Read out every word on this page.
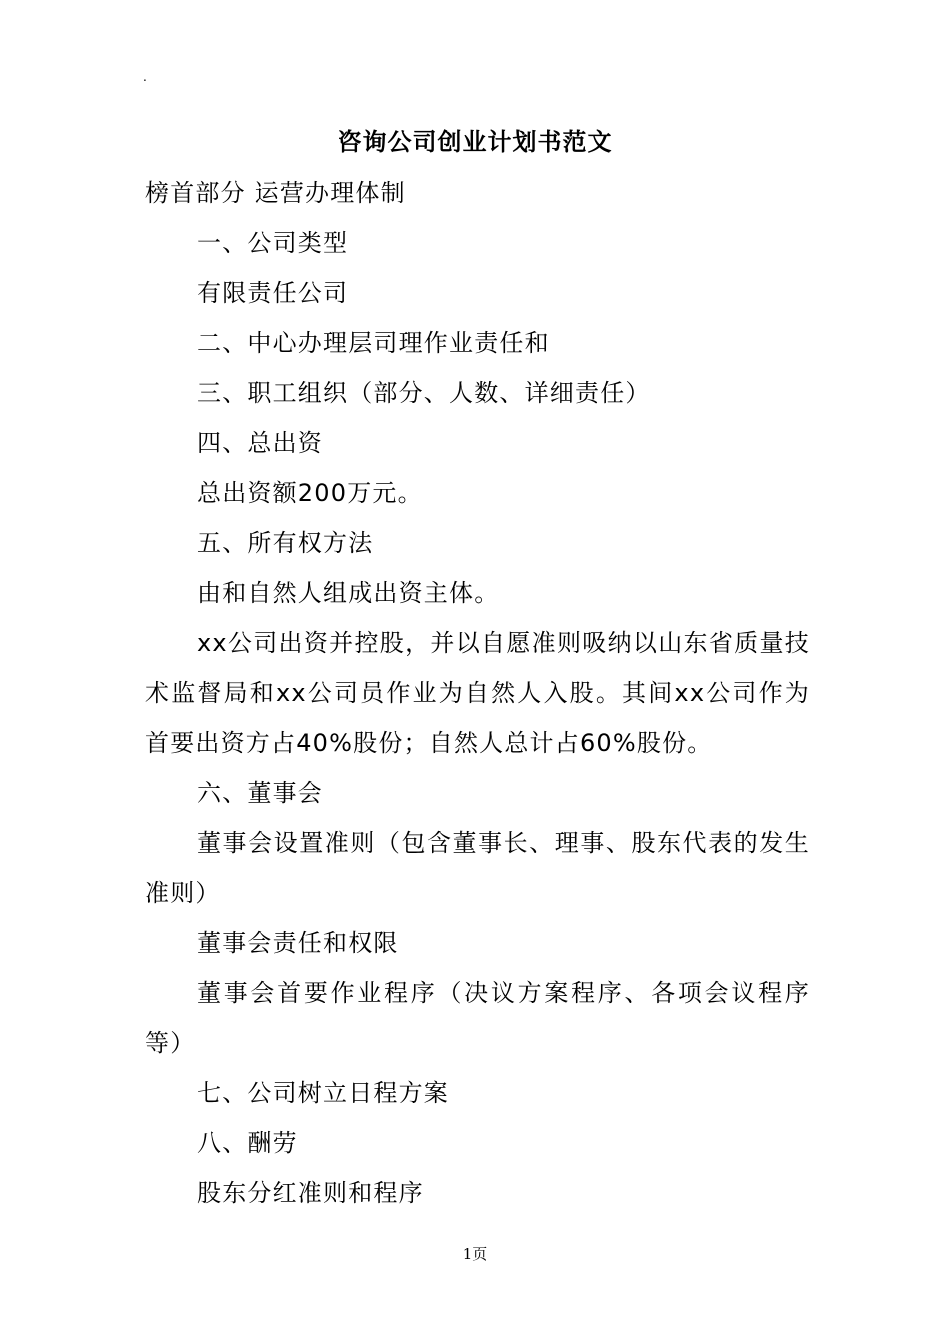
.
咨询公司创业计划书范文

榜首部分 运营办理体制

一、公司类型

有限责任公司

二、中心办理层司理作业责任和

三、职工组织（部分、人数、详细责任）

四、总出资

总出资额200万元。

五、所有权方法

由和自然人组成出资主体。

xx公司出资并控股，并以自愿准则吸纳以山东省质量技术监督局和xx公司员作业为自然人入股。其间xx公司作为首要出资方占40%股份；自然人总计占60%股份。

六、董事会

董事会设置准则（包含董事长、理事、股东代表的发生准则）

董事会责任和权限

董事会首要作业程序（决议方案程序、各项会议程序等）

七、公司树立日程方案

八、酬劳

股东分红准则和程序

1页
